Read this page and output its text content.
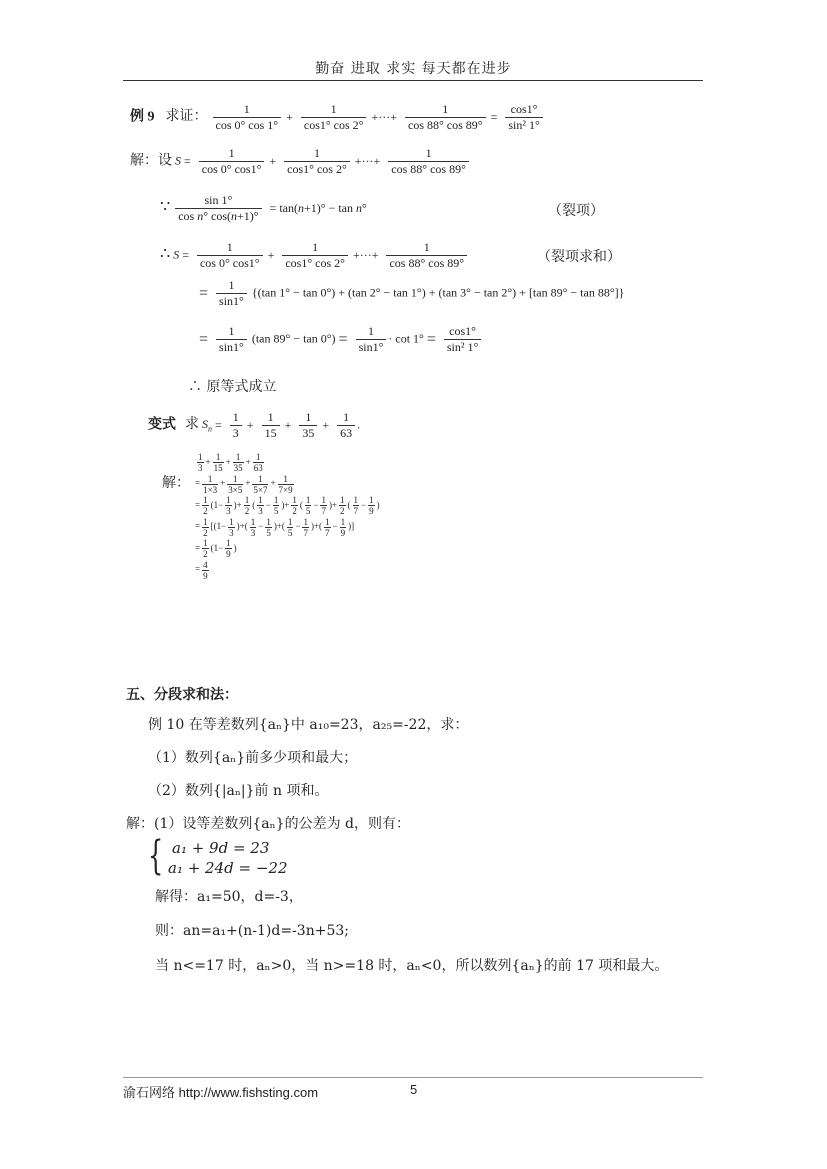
勤奋 进取 求实 每天都在进步
例 9 求证： $\frac{1}{\cos 0^\circ \cos 1^\circ} + \frac{1}{\cos 1^\circ \cos 2^\circ}$ +···+ $\frac{1}{\cos 88^\circ \cos 89^\circ} = \frac{\cos 1^\circ}{\text{sin² 1°}}$
解：设 $S = \frac{1}{\cos 0^\circ \cos 1^\circ} + \frac{1}{\cos 1^\circ \cos 2^\circ}$ +···+ $\frac{1}{\cos 88^\circ \cos 89^\circ}$
∵ $\frac{\sin 1^\circ}{\text{cos n° cos(n+1)°}} = \tan(n+1)^\circ - \tan n^\circ$	（裂项）
∴ $S = \frac{1}{\cos 0^\circ \cos 1^\circ} + \frac{1}{\cos 1^\circ \cos 2^\circ}$ +···+ $\frac{1}{\cos 88^\circ \cos 89^\circ}$	（裂项求和）
= $\frac{1}{\sin 1^\circ} \{(\tan$ 1° − tan 0°) + (tan 2° − tan 1°) + (tan 3° − tan 2°) + [tan 89° − tan 88°]}
= $\frac{1}{\sin 1^\circ} (\tan$ $89^\circ - \tan 0^\circ) = \frac{1}{\sin 1^\circ} \cdot \cot 1^\circ = \frac{\cos 1^\circ}{\text{sin² 1°}}$
∴ 原等式成立
变式 求 $S_n = \frac{1}{3} + \frac{1}{15} + \frac{1}{35} + \frac{1}{63}$ .
解：
$\frac{1}{3} + \frac{1}{15} + \frac{1}{35} + \frac{1}{63}$
= $\frac{1}{1\times 3} + \frac{1}{3\times 5} + \frac{1}{5\times 7} + \frac{1}{7\times 9}$
= $\frac{1}{2} (1- \frac{1}{3}$ )+ $\frac{1}{2}$ ( $\frac{1}{3} - \frac{1}{5}$ )+ $\frac{1}{2}$ ( $\frac{1}{5} - \frac{1}{7}$ )+ $\frac{1}{2}$ ( $\frac{1}{7} - \frac{1}{9}$ )
= $\frac{1}{2} [(1- \frac{1}{3}$ )+( $\frac{1}{3} - \frac{1}{5}$ )+( $\frac{1}{5} - \frac{1}{7}$ )+( $\frac{1}{7} - \frac{1}{9}$ )]
= $\frac{1}{2} (1- \frac{1}{9}$ )
= $\frac{4}{9}$
五、分段求和法：
例 10 在等差数列{aₙ}中 a₁₀=23，a₂₅=-22，求：
（1）数列{aₙ}前多少项和最大；
（2）数列{|aₙ|}前 n 项和。
解：(1）设等差数列{aₙ}的公差为 d，则有：
{ a₁ + 9d = 23
a₁ + 24d = −22
解得：a₁=50，d=-3，
则：an=a₁+(n-1)d=-3n+53;
当 n<=17 时，aₙ>0，当 n>=18 时，aₙ<0，所以数列{aₙ}的前 17 项和最大。
渝石网络 http://www.fishsting.com	5
